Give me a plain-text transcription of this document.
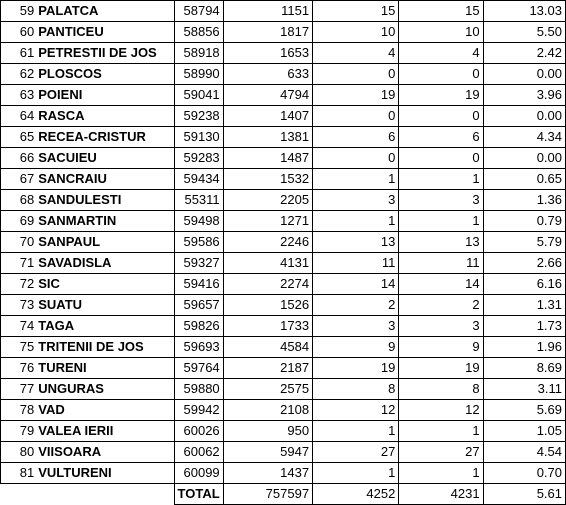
59	PALATCA	58794	1151	15	15	13.03
60	PANTICEU	58856	1817	10	10	5.50
61	PETRESTII DE JOS	58918	1653	4	4	2.42
62	PLOSCOS	58990	633	0	0	0.00
63	POIENI	59041	4794	19	19	3.96
64	RASCA	59238	1407	0	0	0.00
65	RECEA-CRISTUR	59130	1381	6	6	4.34
66	SACUIEU	59283	1487	0	0	0.00
67	SANCRAIU	59434	1532	1	1	0.65
68	SANDULESTI	55311	2205	3	3	1.36
69	SANMARTIN	59498	1271	1	1	0.79
70	SANPAUL	59586	2246	13	13	5.79
71	SAVADISLA	59327	4131	11	11	2.66
72	SIC	59416	2274	14	14	6.16
73	SUATU	59657	1526	2	2	1.31
74	TAGA	59826	1733	3	3	1.73
75	TRITENII DE JOS	59693	4584	9	9	1.96
76	TURENI	59764	2187	19	19	8.69
77	UNGURAS	59880	2575	8	8	3.11
78	VAD	59942	2108	12	12	5.69
79	VALEA IERII	60026	950	1	1	1.05
80	VIISOARA	60062	5947	27	27	4.54
81	VULTURENI	60099	1437	1	1	0.70
		TOTAL	757597	4252	4231	5.61
